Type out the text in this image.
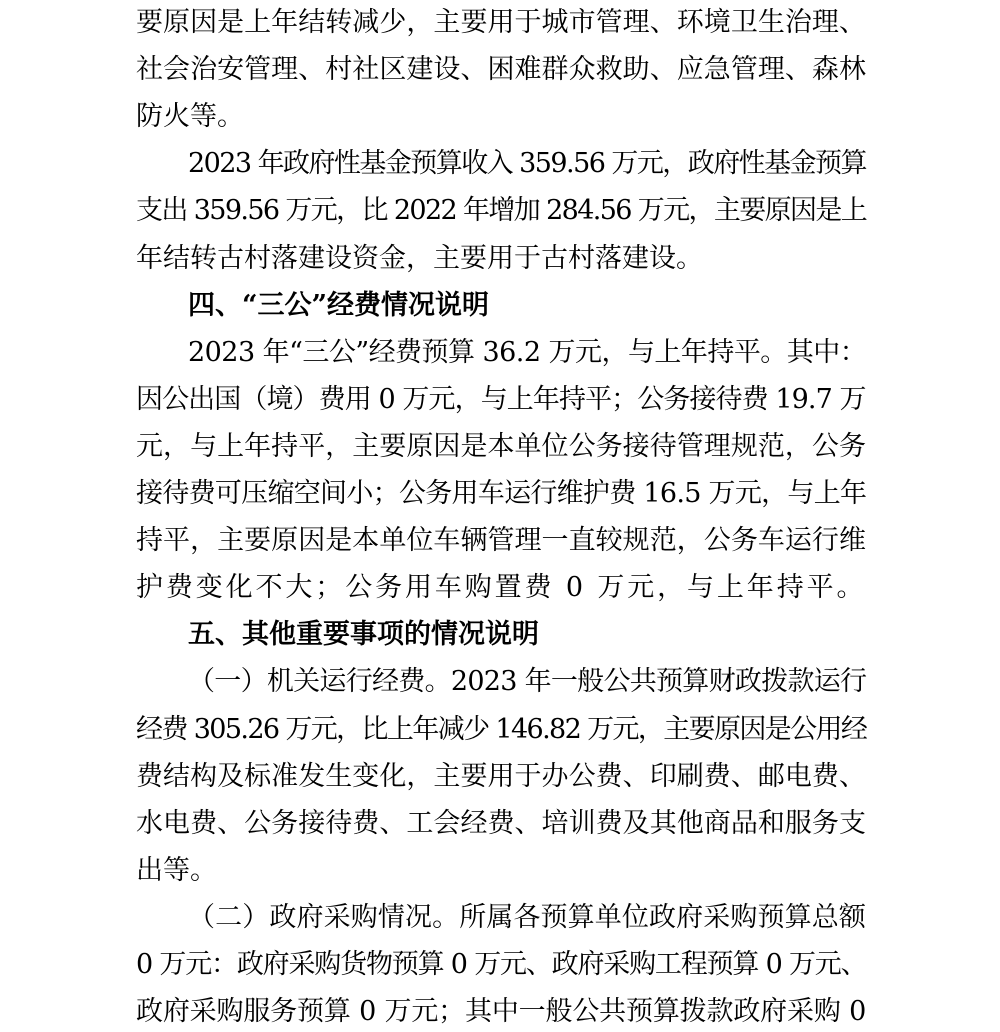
要原因是上年结转减少，主要用于城市管理、环境卫生治理、
社会治安管理、村社区建设、困难群众救助、应急管理、森林
防火等。
2023 年政府性基金预算收入 359.56 万元，政府性基金预算
支出 359.56 万元，比 2022 年增加 284.56 万元，主要原因是上
年结转古村落建设资金，主要用于古村落建设。
四、“三公”经费情况说明
2023 年“三公”经费预算 36.2 万元，与上年持平。其中：
因公出国（境）费用 0 万元，与上年持平；公务接待费 19.7 万
元，与上年持平，主要原因是本单位公务接待管理规范，公务
接待费可压缩空间小；公务用车运行维护费 16.5 万元，与上年
持平，主要原因是本单位车辆管理一直较规范，公务车运行维
护费变化不大；公务用车购置费 0 万元，与上年持平。
五、其他重要事项的情况说明
（一）机关运行经费。2023 年一般公共预算财政拨款运行
经费 305.26 万元，比上年减少 146.82 万元，主要原因是公用经
费结构及标准发生变化，主要用于办公费、印刷费、邮电费、
水电费、公务接待费、工会经费、培训费及其他商品和服务支
出等。
（二）政府采购情况。所属各预算单位政府采购预算总额
0 万元：政府采购货物预算 0 万元、政府采购工程预算 0 万元、
政府采购服务预算 0 万元；其中一般公共预算拨款政府采购 0
